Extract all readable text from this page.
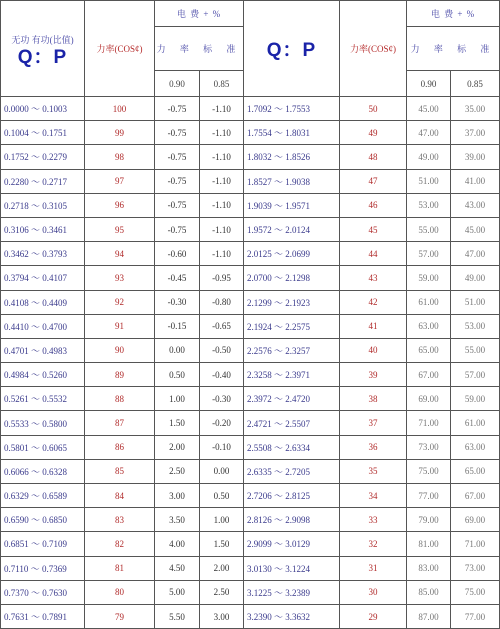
无功 有功(比值)

Q：P	力率(COS¢)	电 费 + %		Q：P	力率(COS¢)	电 费 + %	
		力 率 标 准				力 率 标 准	
		0.90	0.85			0.90	0.85
0.0000 ～ 0.1003	100	-0.75	-1.10	1.7092 ～ 1.7553	50	45.00	35.00
0.1004 ～ 0.1751	99	-0.75	-1.10	1.7554 ～ 1.8031	49	47.00	37.00
0.1752 ～ 0.2279	98	-0.75	-1.10	1.8032 ～ 1.8526	48	49.00	39.00
0.2280 ～ 0.2717	97	-0.75	-1.10	1.8527 ～ 1.9038	47	51.00	41.00
0.2718 ～ 0.3105	96	-0.75	-1.10	1.9039 ～ 1.9571	46	53.00	43.00
0.3106 ～ 0.3461	95	-0.75	-1.10	1.9572 ～ 2.0124	45	55.00	45.00
0.3462 ～ 0.3793	94	-0.60	-1.10	2.0125 ～ 2.0699	44	57.00	47.00
0.3794 ～ 0.4107	93	-0.45	-0.95	2.0700 ～ 2.1298	43	59.00	49.00
0.4108 ～ 0.4409	92	-0.30	-0.80	2.1299 ～ 2.1923	42	61.00	51.00
0.4410 ～ 0.4700	91	-0.15	-0.65	2.1924 ～ 2.2575	41	63.00	53.00
0.4701 ～ 0.4983	90	0.00	-0.50	2.2576 ～ 2.3257	40	65.00	55.00
0.4984 ～ 0.5260	89	0.50	-0.40	2.3258 ～ 2.3971	39	67.00	57.00
0.5261 ～ 0.5532	88	1.00	-0.30	2.3972 ～ 2.4720	38	69.00	59.00
0.5533 ～ 0.5800	87	1.50	-0.20	2.4721 ～ 2.5507	37	71.00	61.00
0.5801 ～ 0.6065	86	2.00	-0.10	2.5508 ～ 2.6334	36	73.00	63.00
0.6066 ～ 0.6328	85	2.50	0.00	2.6335 ～ 2.7205	35	75.00	65.00
0.6329 ～ 0.6589	84	3.00	0.50	2.7206 ～ 2.8125	34	77.00	67.00
0.6590 ～ 0.6850	83	3.50	1.00	2.8126 ～ 2.9098	33	79.00	69.00
0.6851 ～ 0.7109	82	4.00	1.50	2.9099 ～ 3.0129	32	81.00	71.00
0.7110 ～ 0.7369	81	4.50	2.00	3.0130 ～ 3.1224	31	83.00	73.00
0.7370 ～ 0.7630	80	5.00	2.50	3.1225 ～ 3.2389	30	85.00	75.00
0.7631 ～ 0.7891	79	5.50	3.00	3.2390 ～ 3.3632	29	87.00	77.00
